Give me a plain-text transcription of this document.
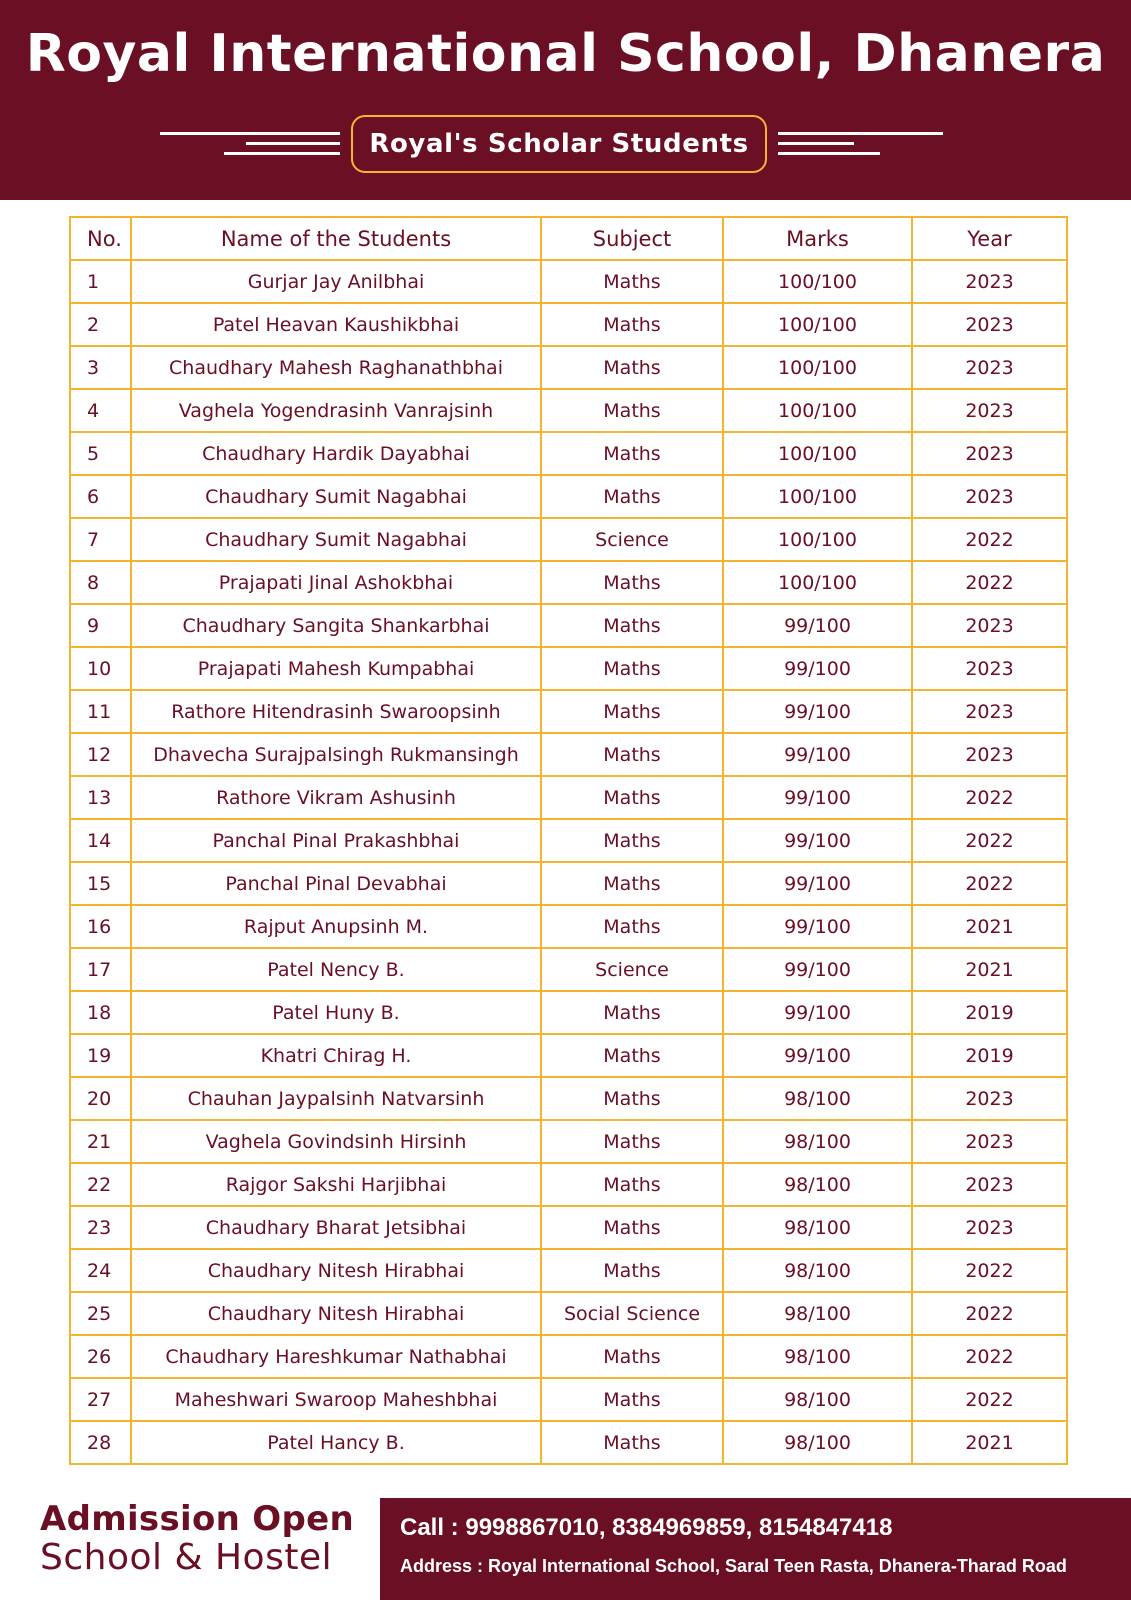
Royal International School, Dhanera
Royal's Scholar Students
No.	Name of the Students	Subject	Marks	Year
1	Gurjar Jay Anilbhai	Maths	100/100	2023
2	Patel Heavan Kaushikbhai	Maths	100/100	2023
3	Chaudhary Mahesh Raghanathbhai	Maths	100/100	2023
4	Vaghela Yogendrasinh Vanrajsinh	Maths	100/100	2023
5	Chaudhary Hardik Dayabhai	Maths	100/100	2023
6	Chaudhary Sumit Nagabhai	Maths	100/100	2023
7	Chaudhary Sumit Nagabhai	Science	100/100	2022
8	Prajapati Jinal Ashokbhai	Maths	100/100	2022
9	Chaudhary Sangita Shankarbhai	Maths	99/100	2023
10	Prajapati Mahesh Kumpabhai	Maths	99/100	2023
11	Rathore Hitendrasinh Swaroopsinh	Maths	99/100	2023
12	Dhavecha Surajpalsingh Rukmansingh	Maths	99/100	2023
13	Rathore Vikram Ashusinh	Maths	99/100	2022
14	Panchal Pinal Prakashbhai	Maths	99/100	2022
15	Panchal Pinal Devabhai	Maths	99/100	2022
16	Rajput Anupsinh M.	Maths	99/100	2021
17	Patel Nency B.	Science	99/100	2021
18	Patel Huny B.	Maths	99/100	2019
19	Khatri Chirag H.	Maths	99/100	2019
20	Chauhan Jaypalsinh Natvarsinh	Maths	98/100	2023
21	Vaghela Govindsinh Hirsinh	Maths	98/100	2023
22	Rajgor Sakshi Harjibhai	Maths	98/100	2023
23	Chaudhary Bharat Jetsibhai	Maths	98/100	2023
24	Chaudhary Nitesh Hirabhai	Maths	98/100	2022
25	Chaudhary Nitesh Hirabhai	Social Science	98/100	2022
26	Chaudhary Hareshkumar Nathabhai	Maths	98/100	2022
27	Maheshwari Swaroop Maheshbhai	Maths	98/100	2022
28	Patel Hancy B.	Maths	98/100	2021
Admission Open
School & Hostel
Call : 9998867010, 8384969859, 8154847418
Address : Royal International School, Saral Teen Rasta, Dhanera-Tharad Road
